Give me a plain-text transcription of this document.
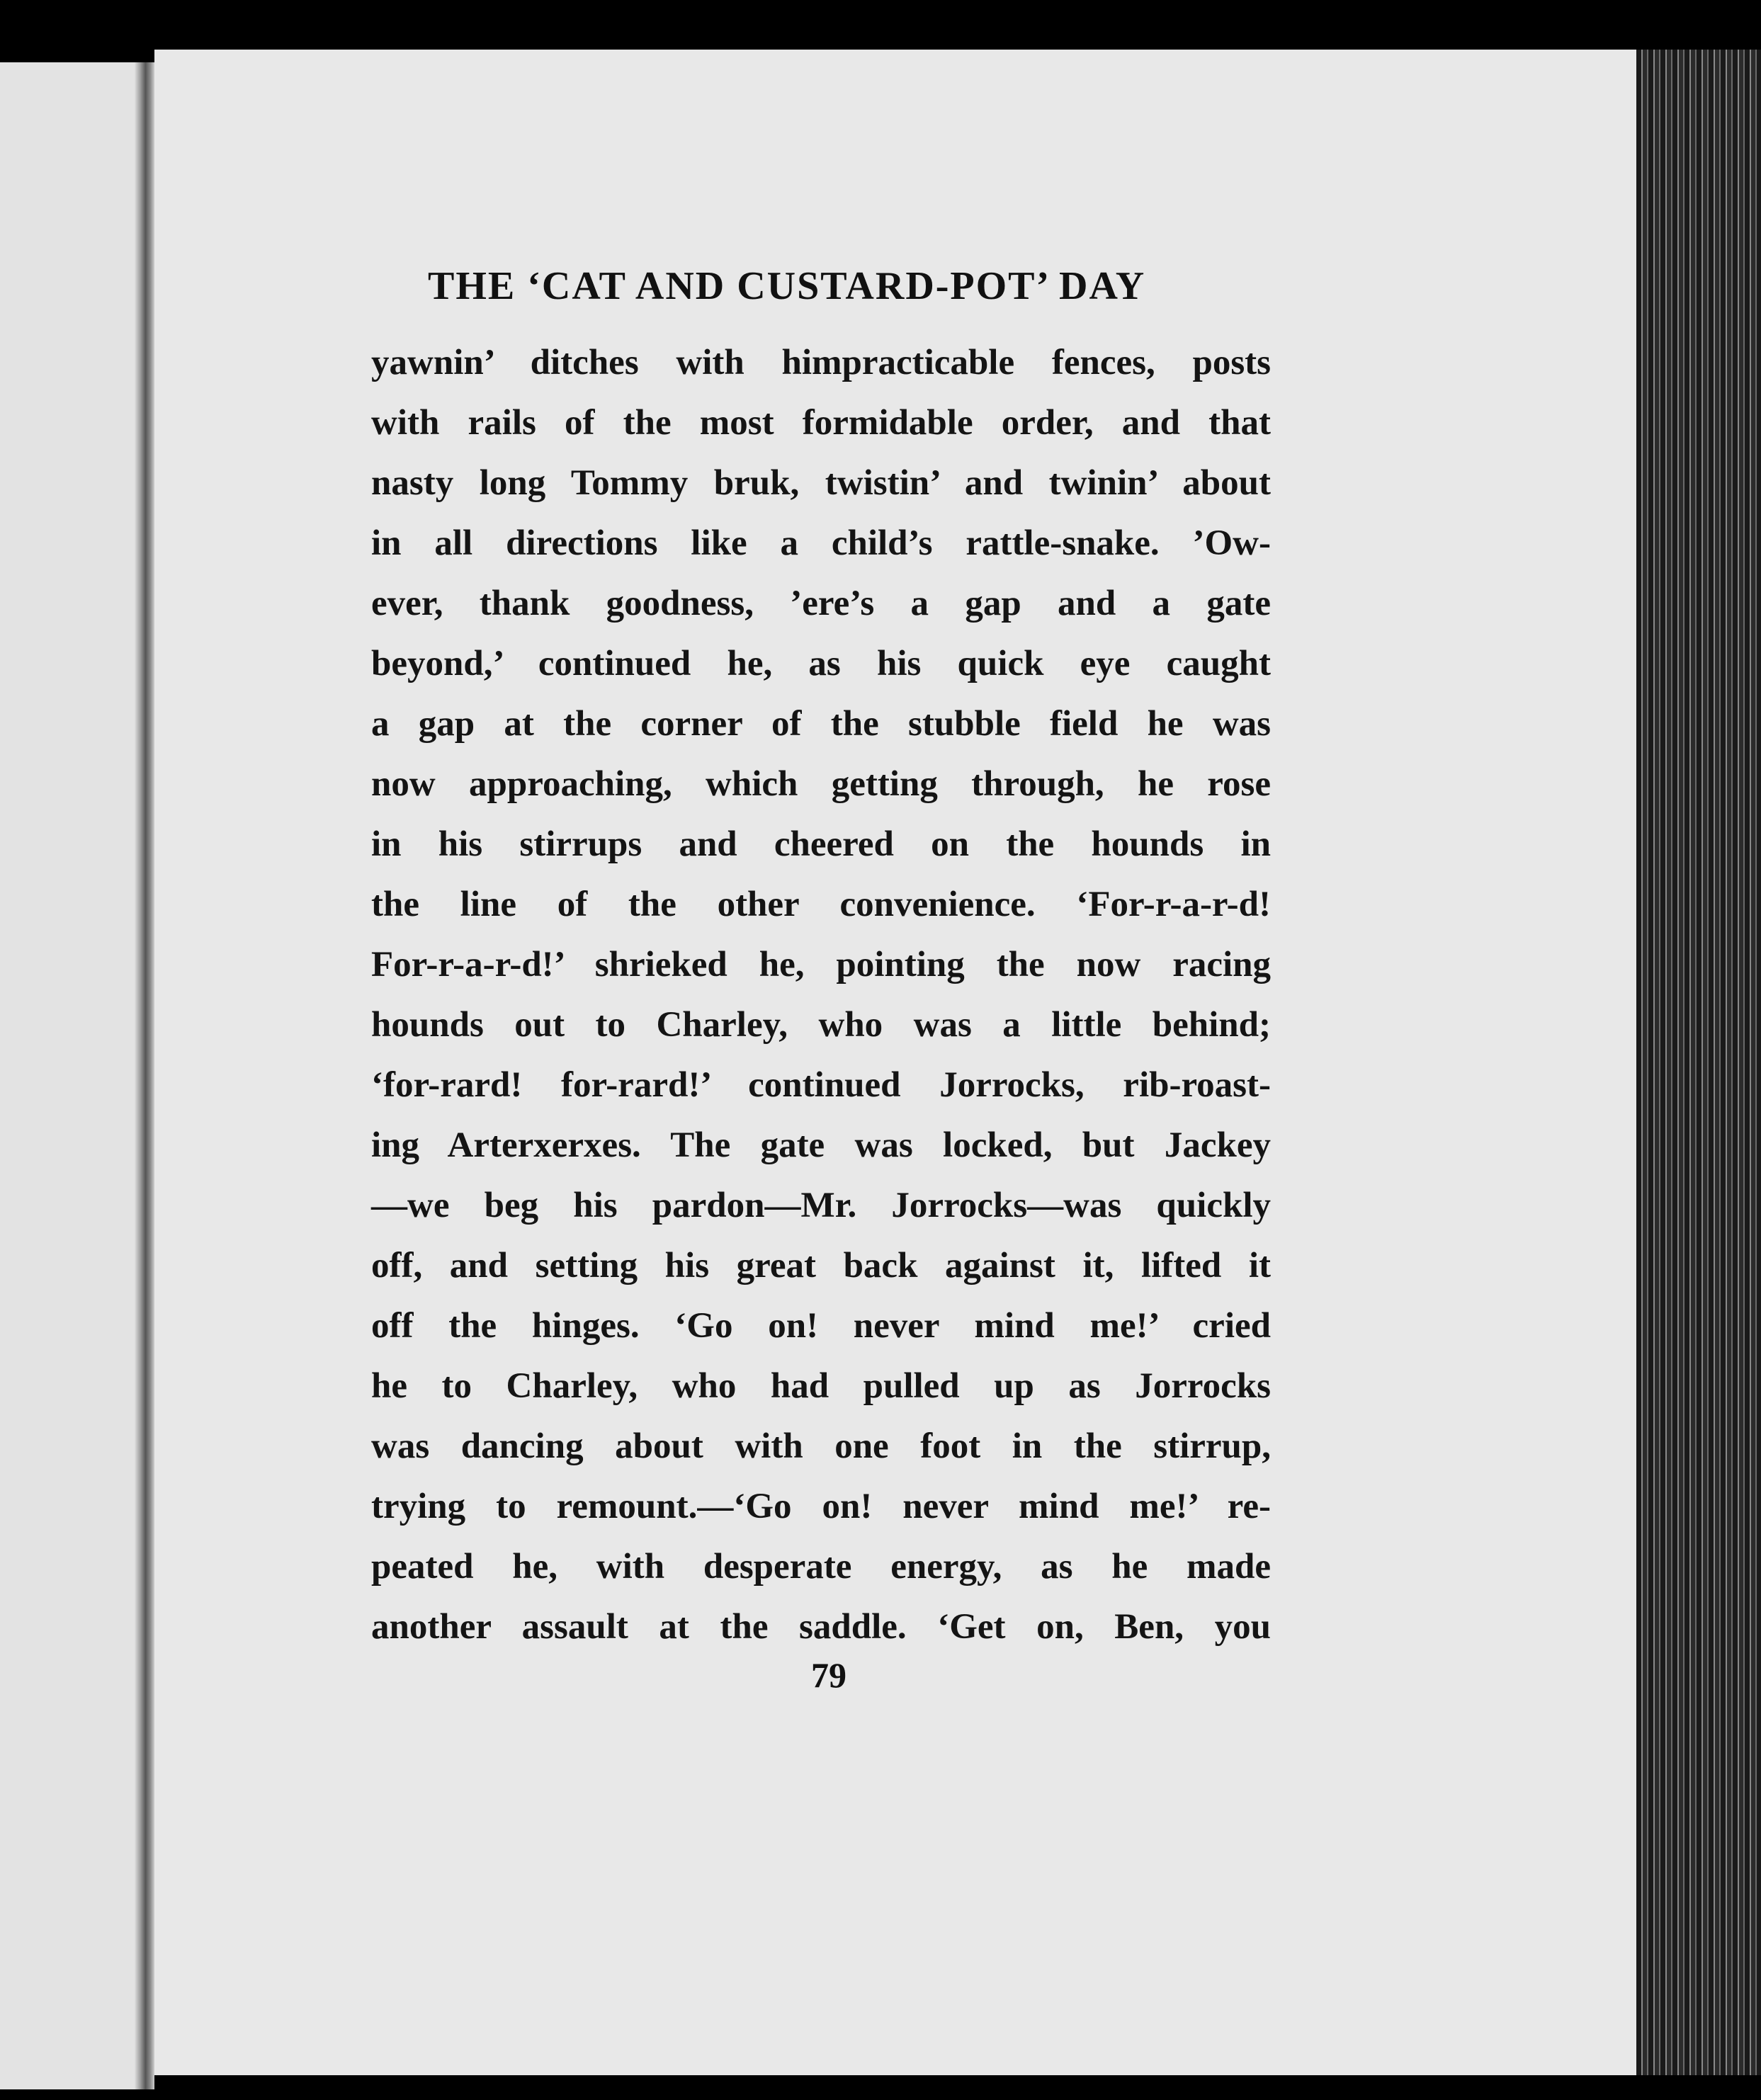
THE ‘CAT AND CUSTARD-POT’ DAY
yawnin’ ditches with himpracticable fences, posts
with rails of the most formidable order, and that
nasty long Tommy bruk, twistin’ and twinin’ about
in all directions like a child’s rattle-snake. ’Ow-
ever, thank goodness, ’ere’s a gap and a gate
beyond,’ continued he, as his quick eye caught
a gap at the corner of the stubble field he was
now approaching, which getting through, he rose
in his stirrups and cheered on the hounds in
the line of the other convenience. ‘For-r-a-r-d!
For-r-a-r-d!’ shrieked he, pointing the now racing
hounds out to Charley, who was a little behind;
‘for-rard! for-rard!’ continued Jorrocks, rib-roast-
ing Arterxerxes. The gate was locked, but Jackey
—we beg his pardon—Mr. Jorrocks—was quickly
off, and setting his great back against it, lifted it
off the hinges. ‘Go on! never mind me!’ cried
he to Charley, who had pulled up as Jorrocks
was dancing about with one foot in the stirrup,
trying to remount.—‘Go on! never mind me!’ re-
peated he, with desperate energy, as he made
another assault at the saddle. ‘Get on, Ben, you
79
